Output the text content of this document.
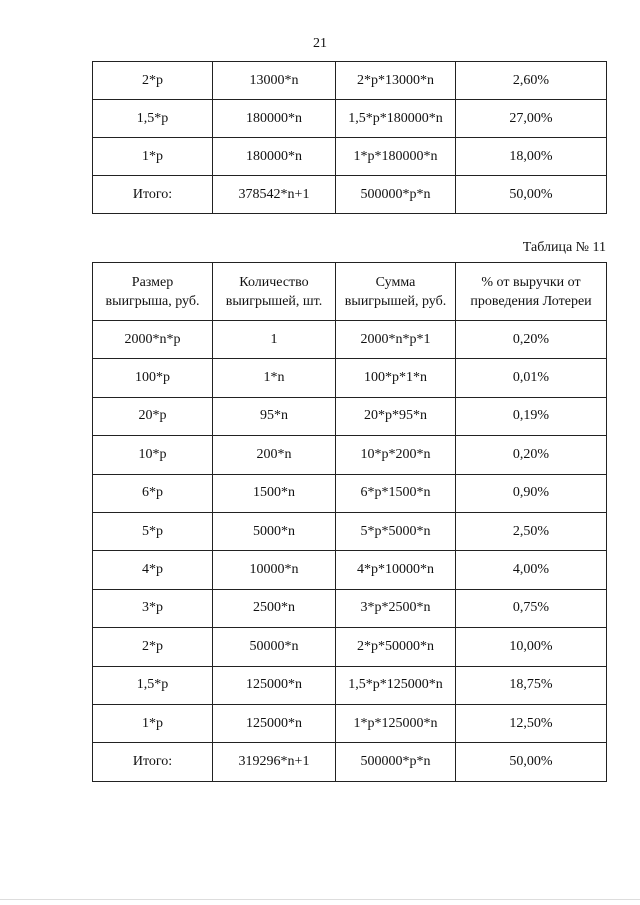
21
2*p	13000*n	2*p*13000*n	2,60%
1,5*p	180000*n	1,5*p*180000*n	27,00%
1*p	180000*n	1*p*180000*n	18,00%
Итого:	378542*n+1	500000*p*n	50,00%
Таблица № 11
Размер выигрыша, руб.	Количество выигрышей, шт.	Сумма выигрышей, руб.	% от выручки от проведения Лотереи
2000*n*p	1	2000*n*p*1	0,20%
100*p	1*n	100*p*1*n	0,01%
20*p	95*n	20*p*95*n	0,19%
10*p	200*n	10*p*200*n	0,20%
6*p	1500*n	6*p*1500*n	0,90%
5*p	5000*n	5*p*5000*n	2,50%
4*p	10000*n	4*p*10000*n	4,00%
3*p	2500*n	3*p*2500*n	0,75%
2*p	50000*n	2*p*50000*n	10,00%
1,5*p	125000*n	1,5*p*125000*n	18,75%
1*p	125000*n	1*p*125000*n	12,50%
Итого:	319296*n+1	500000*p*n	50,00%
